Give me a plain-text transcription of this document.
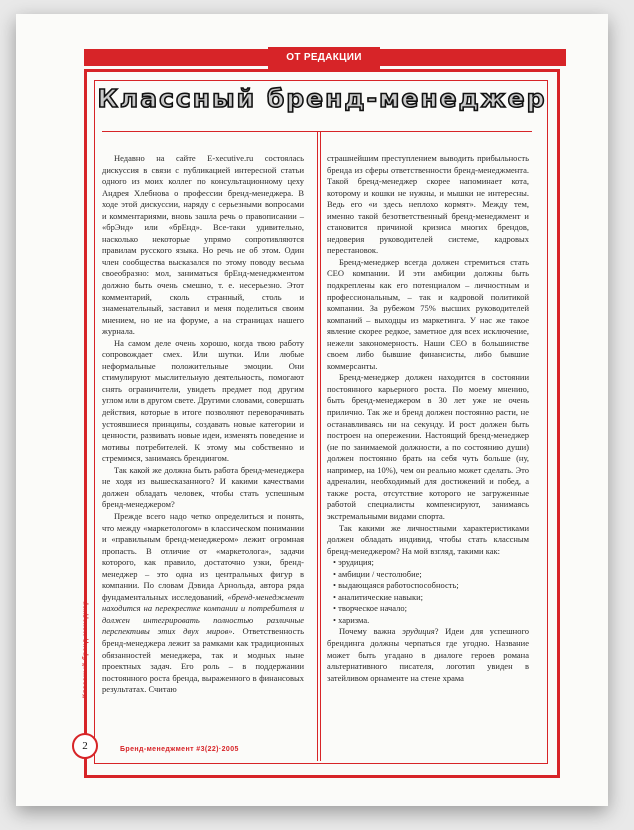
ОТ РЕДАКЦИИ
Классный бренд-менеджер

Недавно на сайте E-xecutive.ru состоялась дискуссия в связи с публикацией интересной статьи одного из моих коллег по консультационному цеху Андрея Хлебнова о профессии бренд-менеджера. В ходе этой дискуссии, наряду с серьезными вопросами и комментариями, вновь зашла речь о правописании – «брЭнд» или «брЕнд». Все-таки удивительно, насколько некоторые упрямо сопротивляются правилам русского языка. Но речь не об этом. Один член сообщества высказался по этому поводу весьма своеобразно: мол, заниматься брЕнд-менеджментом должно быть очень смешно, т. е. несерьезно. Этот комментарий, сколь странный, столь и знаменательный, заставил и меня поделиться своим мнением, но не на форуме, а на страницах нашего журнала.

На самом деле очень хорошо, когда твою работу сопровождает смех. Или шутки. Или любые неформальные положительные эмоции. Они стимулируют мыслительную деятельность, помогают снять ограничители, увидеть предмет под другим углом или в другом свете. Другими словами, совершать действия, которые в итоге позволяют переворачивать устоявшиеся принципы, создавать новые категории и ценности, развивать новые идеи, изменять поведение и мотивы потребителей. К этому мы собственно и стремимся, занимаясь брендингом.

Так какой же должна быть работа бренд-менеджера не ходя из вышесказанного? И какими качествами должен обладать человек, чтобы стать успешным бренд-менеджером?

Прежде всего надо четко определиться и понять, что между «маркетологом» в классическом понимании и «правильным бренд-менеджером» лежит огромная пропасть. В отличие от «маркетолога», задачи которого, как правило, достаточно узки, бренд-менеджер – это одна из центральных фигур в компании. По словам Дэвида Арнольда, автора ряда фундаментальных исследований, «бренд-менеджмент находится на перекрестке компании и потребителя и должен интегрировать полностью различные перспективы этих двух миров». Ответственность бренд-менеджера лежит за рамками как традиционных обязанностей менеджера, так и модных ныне проектных задач. Его роль – в поддержании постоянного роста бренда, выраженного в финансовых результатах. Считаю

страшнейшим преступлением выводить прибыльность бренда из сферы ответственности бренд-менеджмента. Такой бренд-менеджер скорее напоминает кота, которому и кошки не нужны, и мышки не интересны. Ведь его «и здесь неплохо кормят». Между тем, именно такой безответственный бренд-менеджмент и становится причиной кризиса многих брендов, недоверия руководителей системе, кадровых перестановок.

Бренд-менеджер всегда должен стремиться стать CEO компании. И эти амбиции должны быть подкреплены как его потенциалом – личностным и профессиональным, – так и кадровой политикой компании. За рубежом 75% высших руководителей компаний – выходцы из маркетинга. У нас же такое явление скорее редкое, заметное для всех исключение, нежели закономерность. Наши CEO в большинстве своем либо бывшие финансисты, либо бывшие коммерсанты.

Бренд-менеджер должен находится в состоянии постоянного карьерного роста. По моему мнению, быть бренд-менеджером в 30 лет уже не очень прилично. Так же и бренд должен постоянно расти, не останавливаясь ни на секунду. И рост должен быть построен на опережении. Настоящий бренд-менеджер (не по занимаемой должности, а по состоянию души) должен постоянно брать на себя чуть больше (ну, например, на 10%), чем он реально может сделать. Это адреналин, необходимый для достижений и побед, а также роста, отсутствие которого не загруженные работой специалисты компенсируют, занимаясь экстремальными видами спорта.

Так какими же личностными характеристиками должен обладать индивид, чтобы стать классным бренд-менеджером? На мой взгляд, такими как:

• эрудиция;
• амбиции / честолюбие;
• выдающаяся работоспособность;
• аналитические навыки;
• творческое начало;
• харизма.

Почему важна эрудиция? Идеи для успешного брендинга должны черпаться где угодно. Название может быть угадано в диалоге героев романа альтернативного писателя, логотип увиден в затейливом орнаменте на стене храма

Классный бренд-менеджер
2	Бренд-менеджмент #3(22)·2005
